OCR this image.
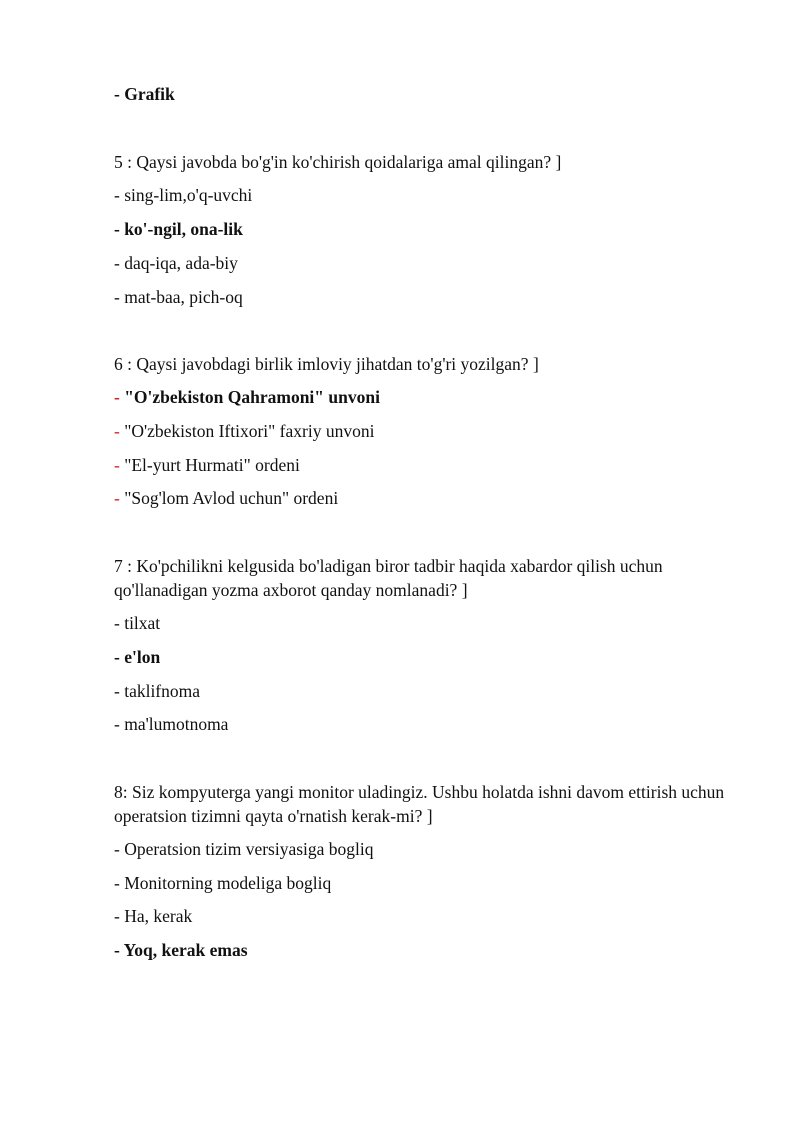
- Grafik
5 : Qaysi javobda bo'g'in ko'chirish qoidalariga amal qilingan? ]
- sing-lim,o'q-uvchi
- ko'-ngil, ona-lik
- daq-iqa, ada-biy
- mat-baa, pich-oq
6 : Qaysi javobdagi birlik imloviy jihatdan to'g'ri yozilgan? ]
- "O'zbekiston Qahramoni" unvoni
- "O'zbekiston Iftixori" faxriy unvoni
- "El-yurt Hurmati" ordeni
- "Sog'lom Avlod uchun" ordeni
7 : Ko'pchilikni kelgusida bo'ladigan biror tadbir haqida xabardor qilish uchun qo'llanadigan yozma axborot qanday nomlanadi? ]
- tilxat
- e'lon
- taklifnoma
- ma'lumotnoma
8: Siz kompyuterga yangi monitor uladingiz. Ushbu holatda ishni davom ettirish uchun operatsion tizimni qayta o'rnatish kerak-mi? ]
- Operatsion tizim versiyasiga bogliq
- Monitorning modeliga bogliq
- Ha, kerak
- Yoq, kerak emas
